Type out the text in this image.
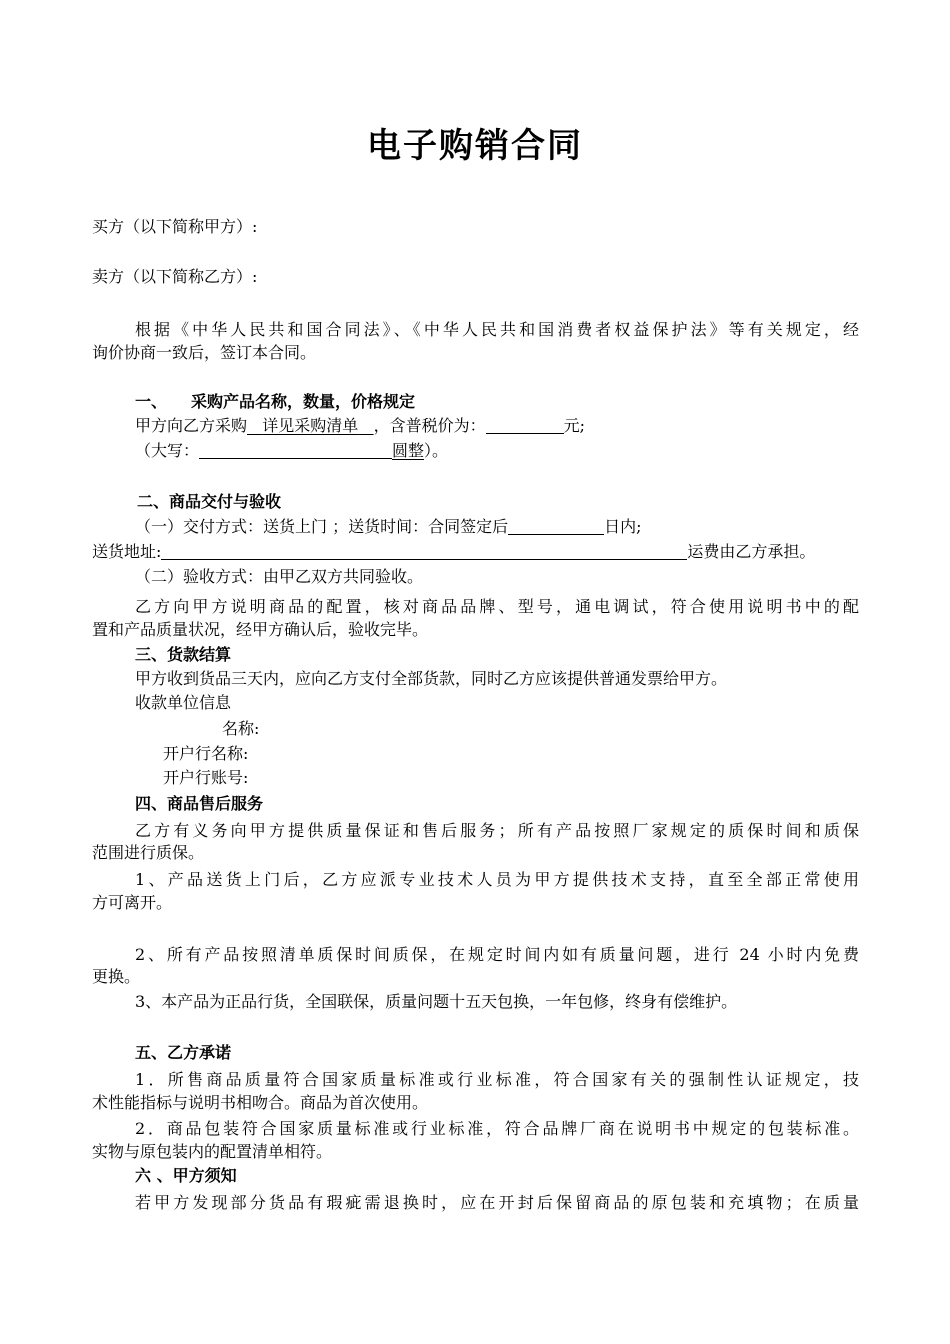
电子购销合同
买方（以下简称甲方）:
卖方（以下简称乙方）:
根据《中华人民共和国合同法》、《中华人民共和国消费者权益保护法》等有关规定，经
询价协商一致后，签订本合同。
一、 采购产品名称，数量，价格规定
甲方向乙方采购 详见采购清单 ，含普税价为：	元;
（大写：	圆整）。
二、商品交付与验收
（一）交付方式：送货上门 ；送货时间：合同签定后	日内;
送货地址:	运费由乙方承担。
（二）验收方式：由甲乙双方共同验收。
乙方向甲方说明商品的配置，核对商品品牌、型号，通电调试，符合使用说明书中的配
置和产品质量状况，经甲方确认后，验收完毕。
三、货款结算
甲方收到货品三天内，应向乙方支付全部货款，同时乙方应该提供普通发票给甲方。
收款单位信息
名称:
开户行名称:
开户行账号:
四、商品售后服务
乙方有义务向甲方提供质量保证和售后服务；所有产品按照厂家规定的质保时间和质保
范围进行质保。
1、产品送货上门后，乙方应派专业技术人员为甲方提供技术支持，直至全部正常使用
方可离开。
2、所有产品按照清单质保时间质保，在规定时间内如有质量问题，进行 24 小时内免费
更换。
3、本产品为正品行货，全国联保，质量问题十五天包换，一年包修，终身有偿维护。
五、乙方承诺
1．所售商品质量符合国家质量标准或行业标准，符合国家有关的强制性认证规定，技
术性能指标与说明书相吻合。商品为首次使用。
2．商品包装符合国家质量标准或行业标准，符合品牌厂商在说明书中规定的包装标准。
实物与原包装内的配置清单相符。
六 、甲方须知
若甲方发现部分货品有瑕疵需退换时，应在开封后保留商品的原包装和充填物；在质量
